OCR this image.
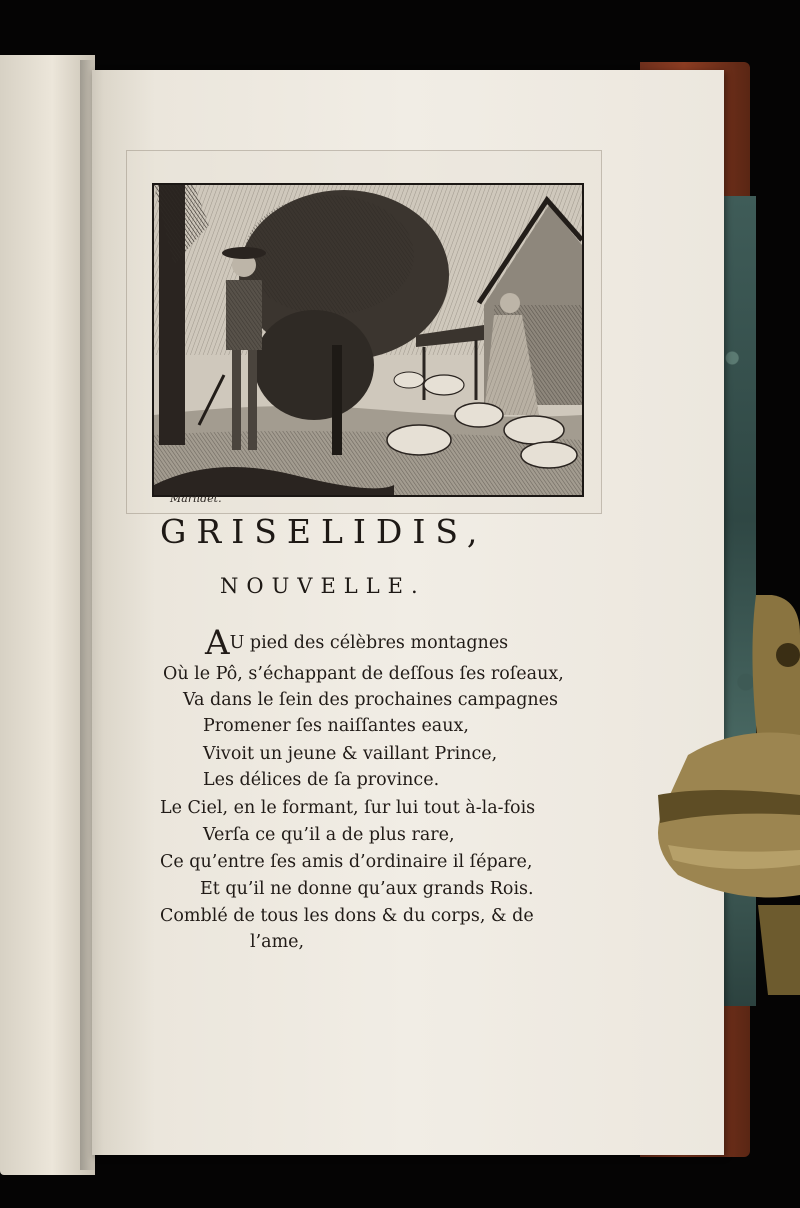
Marlidet.
GRISELIDIS,
NOUVELLE.
AU pied des célèbres montagnes
Où le Pô, s’échappant de deſſous ſes roſeaux,
Va dans le ſein des prochaines campagnes
Promener ſes naiſſantes eaux,
Vivoit un jeune & vaillant Prince,
Les délices de ſa province.
Le Ciel, en le formant, ſur lui tout à-la-fois
Verſa ce qu’il a de plus rare,
Ce qu’entre ſes amis d’ordinaire il ſépare,
Et qu’il ne donne qu’aux grands Rois.
Comblé de tous les dons & du corps, & de
l’ame,
